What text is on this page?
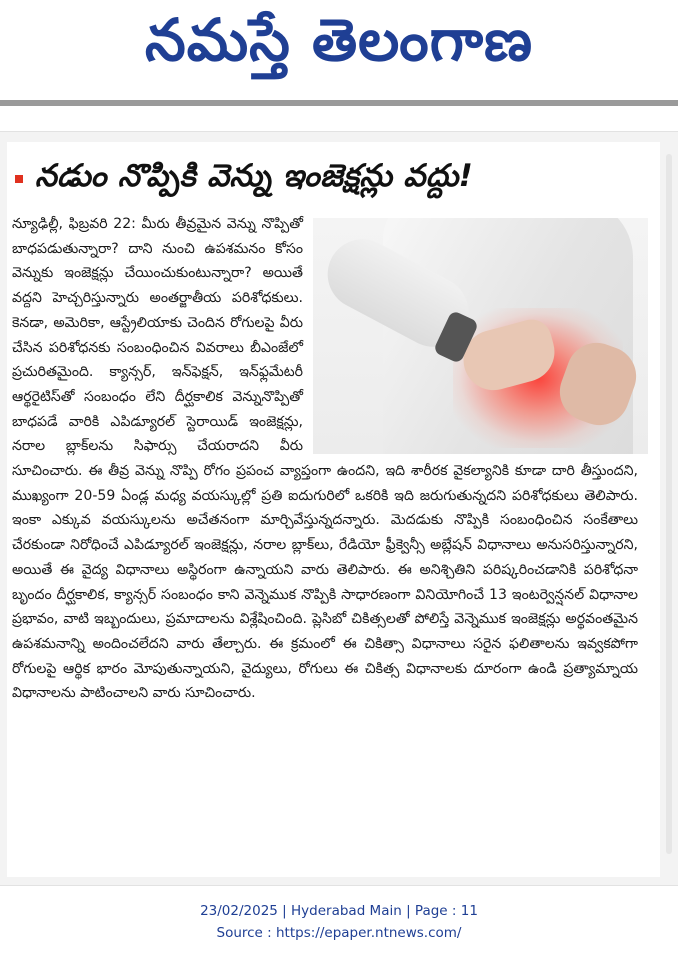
నమస్తే తెలంగాణ
నడుం నొప్పికి వెన్ను ఇంజెక్షన్లు వద్దు!
న్యూఢిల్లీ, ఫిబ్రవరి 22: మీరు తీవ్రమైన వెన్ను నొప్పితో బాధపడుతున్నారా? దాని నుంచి ఉపశమనం కోసం వెన్నుకు ఇంజెక్షన్లు చేయించుకుంటున్నారా? అయితే వద్దని హెచ్చరిస్తున్నారు అంతర్జాతీయ పరిశోధకులు. కెనడా, అమెరికా, ఆస్ట్రేలియాకు చెందిన రోగులపై వీరు చేసిన పరిశోధనకు సంబంధించిన వివరాలు బీఎంజేలో ప్రచురితమైంది. క్యాన్సర్, ఇన్‌ఫెక్షన్, ఇన్‌ఫ్లమేటరీ ఆర్థరైటిస్‌తో సంబంధం లేని దీర్ఘకాలిక వెన్నునొప్పితో బాధపడే వారికి ఎపిడ్యూరల్ స్టెరాయిడ్ ఇంజెక్షన్లు, నరాల బ్లాక్‌లను సిఫార్సు చేయరాదని వీరు సూచించారు. ఈ తీవ్ర వెన్ను నొప్పి రోగం ప్రపంచ వ్యాప్తంగా ఉందని, ఇది శారీరక వైకల్యానికి కూడా దారి తీస్తుందని, ముఖ్యంగా 20-59 ఏండ్ల మధ్య వయస్కుల్లో ప్రతి ఐదుగురిలో ఒకరికి ఇది జరుగుతున్నదని పరిశోధకులు తెలిపారు. ఇంకా ఎక్కువ వయస్కులను అచేతనంగా మార్చివేస్తున్నదన్నారు. మెదడుకు నొప్పికి సంబంధించిన సంకేతాలు చేరకుండా నిరోధించే ఎపిడ్యూరల్ ఇంజెక్షన్లు, నరాల బ్లాక్‌లు, రేడియో ఫ్రీక్వెన్సీ అబ్లేషన్ విధానాలు అనుసరిస్తున్నారని, అయితే ఈ వైద్య విధానాలు అస్థిరంగా ఉన్నాయని వారు తెలిపారు. ఈ అనిశ్చితిని పరిష్కరించడానికి పరిశోధనా బృందం దీర్ఘకాలిక, క్యాన్సర్ సంబంధం కాని వెన్నెముక నొప్పికి సాధారణంగా వినియోగించే 13 ఇంటర్వెన్షనల్ విధానాల ప్రభావం, వాటి ఇబ్బందులు, ప్రమాదాలను విశ్లేషించింది. ప్లెసిబో చికిత్సలతో పోలిస్తే వెన్నెముక ఇంజెక్షన్లు అర్థవంతమైన ఉపశమనాన్ని అందించలేదని వారు తేల్చారు. ఈ క్రమంలో ఈ చికిత్సా విధానాలు సరైన ఫలితాలను ఇవ్వకపోగా రోగులపై ఆర్థిక భారం మోపుతున్నాయని, వైద్యులు, రోగులు ఈ చికిత్స విధానాలకు దూరంగా ఉండి ప్రత్యామ్నాయ విధానాలను పాటించాలని వారు సూచించారు.
23/02/2025 | Hyderabad Main | Page : 11
Source : https://epaper.ntnews.com/
